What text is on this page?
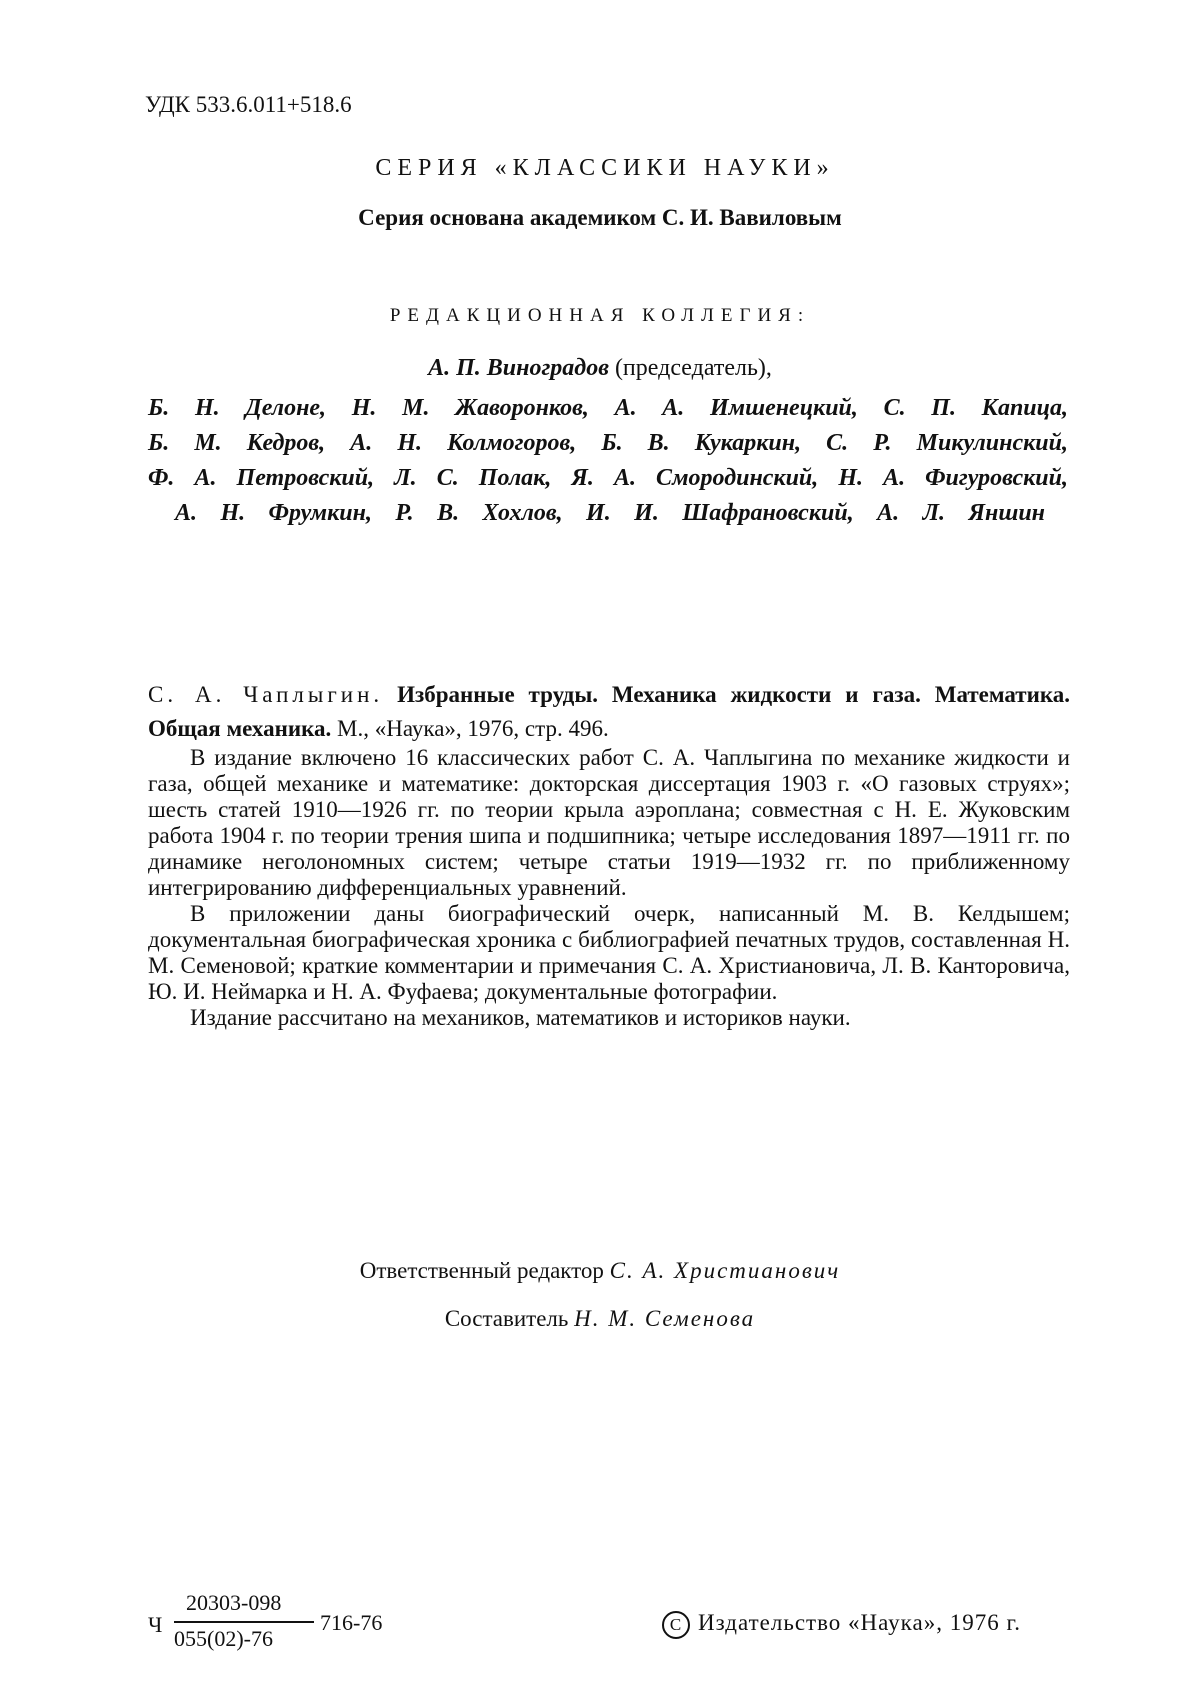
УДК 533.6.011+518.6
СЕРИЯ «КЛАССИКИ НАУКИ»
Серия основана академиком С. И. Вавиловым
РЕДАКЦИОННАЯ КОЛЛЕГИЯ:
А. П. Виноградов (председатель),
Б. Н. Делоне, Н. М. Жаворонков, А. А. Имшенецкий, С. П. Капица,
Б. М. Кедров, А. Н. Колмогоров, Б. В. Кукаркин, С. Р. Микулинский,
Ф. А. Петровский, Л. С. Полак, Я. А. Смородинский, Н. А. Фигуровский,
А. Н. Фрумкин, Р. В. Хохлов, И. И. Шафрановский, А. Л. Яншин
С. А. Чаплыгин. Избранные труды. Механика жидкости и газа. Математика. Общая механика. М., «Наука», 1976, стр. 496.

В издание включено 16 классических работ С. А. Чаплыгина по механике жидкости и газа, общей механике и математике: докторская диссертация 1903 г. «О газовых струях»; шесть статей 1910—1926 гг. по теории крыла аэроплана; совместная с Н. Е. Жуковским работа 1904 г. по теории трения шипа и подшипника; четыре исследования 1897—1911 гг. по динамике неголономных систем; четыре статьи 1919—1932 гг. по приближенному интегрированию дифференциальных уравнений.

В приложении даны биографический очерк, написанный М. В. Келдышем; документальная биографическая хроника с библиографией печатных трудов, составленная Н. М. Семеновой; краткие комментарии и примечания С. А. Христиановича, Л. В. Канторовича, Ю. И. Неймарка и Н. А. Фуфаева; документальные фотографии.

Издание рассчитано на механиков, математиков и историков науки.

Ответственный редактор С. А. Христианович
Составитель Н. М. Семенова
Ч
20303-098
055(02)-76
716-76	C Издательство «Наука», 1976 г.
